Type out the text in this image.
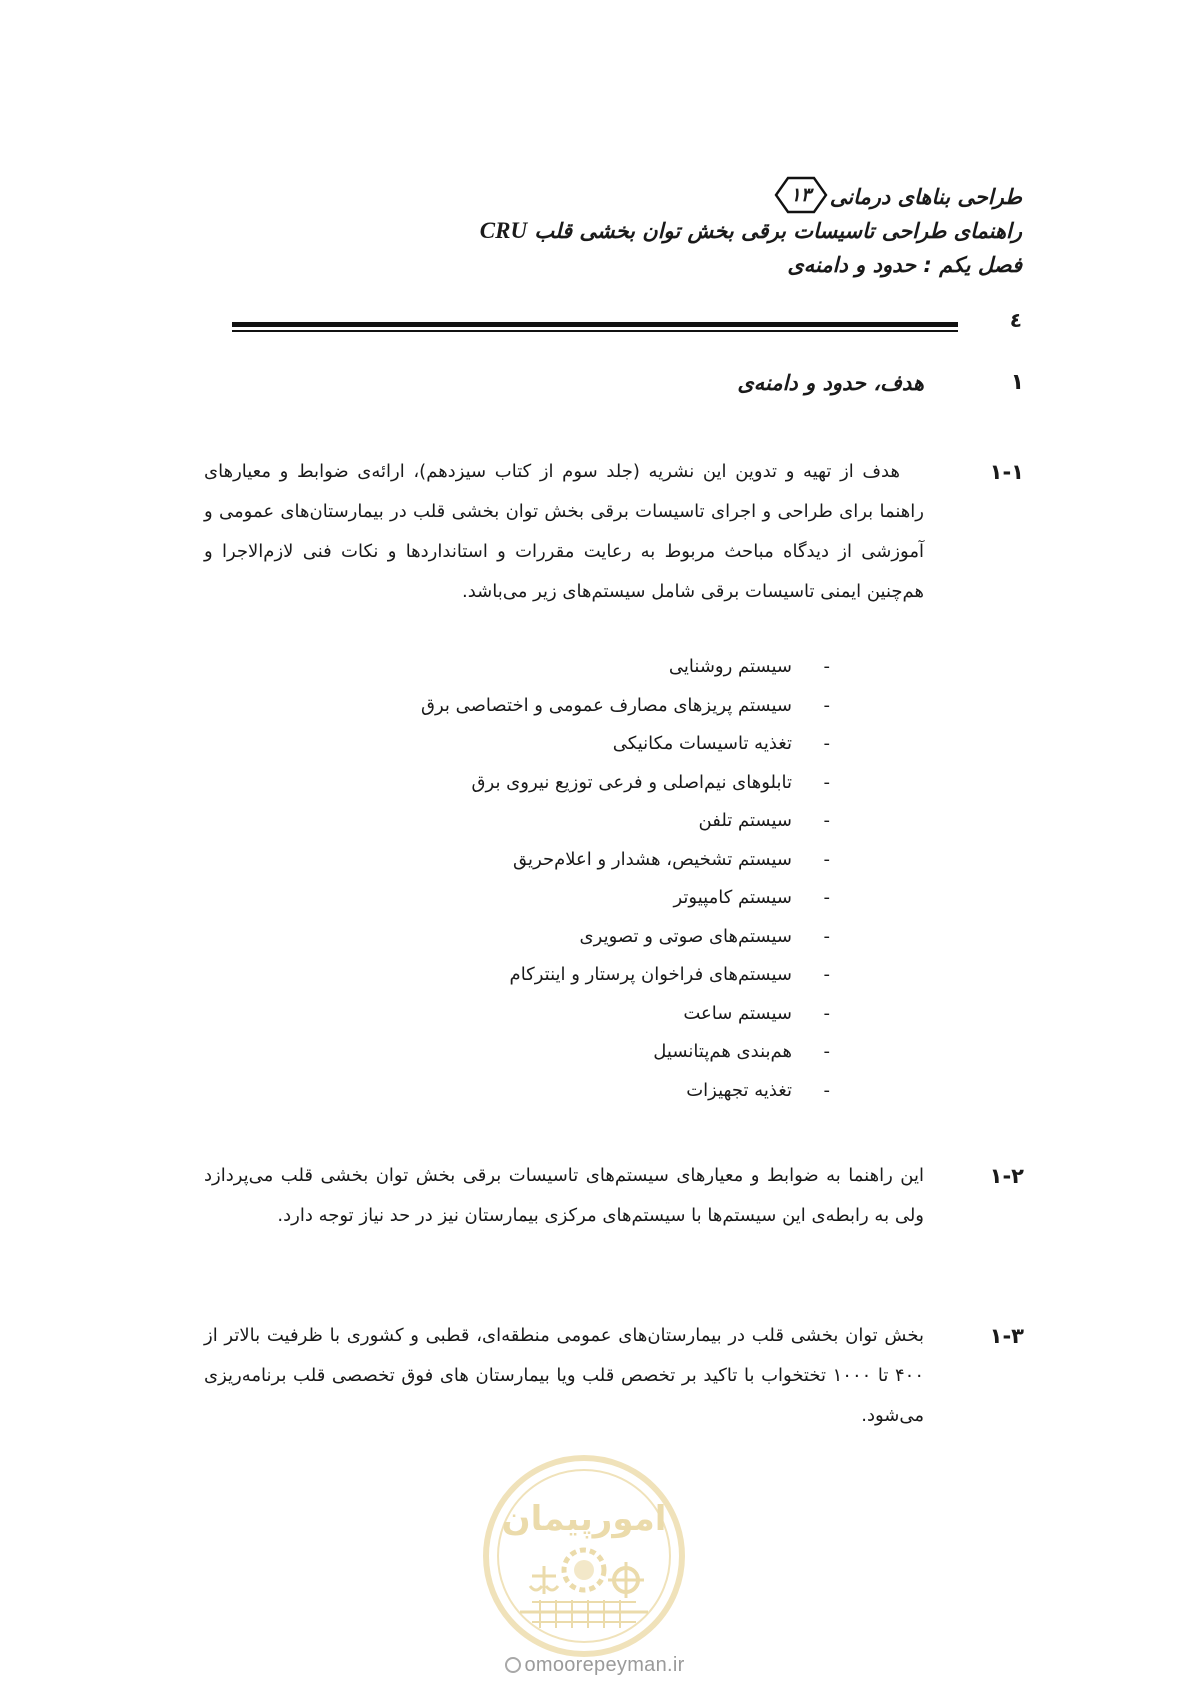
طراحی بناهای درمانی
۱۳
راهنمای طراحی تاسیسات برقی بخش توان بخشی قلب CRU
فصل یکم : حدود و دامنه‌ی
٤
۱
هدف، حدود و دامنه‌ی
۱-۱
هدف از تهیه و تدوین این نشریه (جلد سوم از کتاب سیزدهم)، ارائه‌ی ضوابط و معیارهای راهنما برای طراحی و اجرای تاسیسات برقی بخش توان بخشی قلب در بیمارستان‌های عمومی و آموزشی از دیدگاه مباحث مربوط به رعایت مقررات و استانداردها و نکات فنی لازم‌الاجرا و هم‌چنین ایمنی تاسیسات برقی شامل سیستم‌های زیر می‌باشد.
-
سیستم روشنایی
-
سیستم پریزهای مصارف عمومی و اختصاصی برق
-
تغذیه تاسیسات مکانیکی
-
تابلوهای نیم‌اصلی و فرعی توزیع نیروی برق
-
سیستم تلفن
-
سیستم تشخیص، هشدار و اعلام‌حریق
-
سیستم کامپیوتر
-
سیستم‌های صوتی و تصویری
-
سیستم‌های فراخوان پرستار و اینترکام
-
سیستم ساعت
-
هم‌بندی هم‌پتانسیل
-
تغذیه تجهیزات
۱-۲
این راهنما به ضوابط و معیارهای سیستم‌های تاسیسات برقی بخش توان بخشی قلب می‌پردازد ولی به رابطه‌ی این سیستم‌ها با سیستم‌های مرکزی بیمارستان نیز در حد نیاز توجه دارد.
۱-۳
بخش توان بخشی قلب در بیمارستان‌های عمومی منطقه‌ای، قطبی و کشوری با ظرفیت بالاتر از ۴۰۰ تا ۱۰۰۰ تختخواب با تاکید بر تخصص قلب ویا بیمارستان های فوق تخصصی قلب برنامه‌ریزی می‌شود.
امورپیمان
omoorepeyman.ir
